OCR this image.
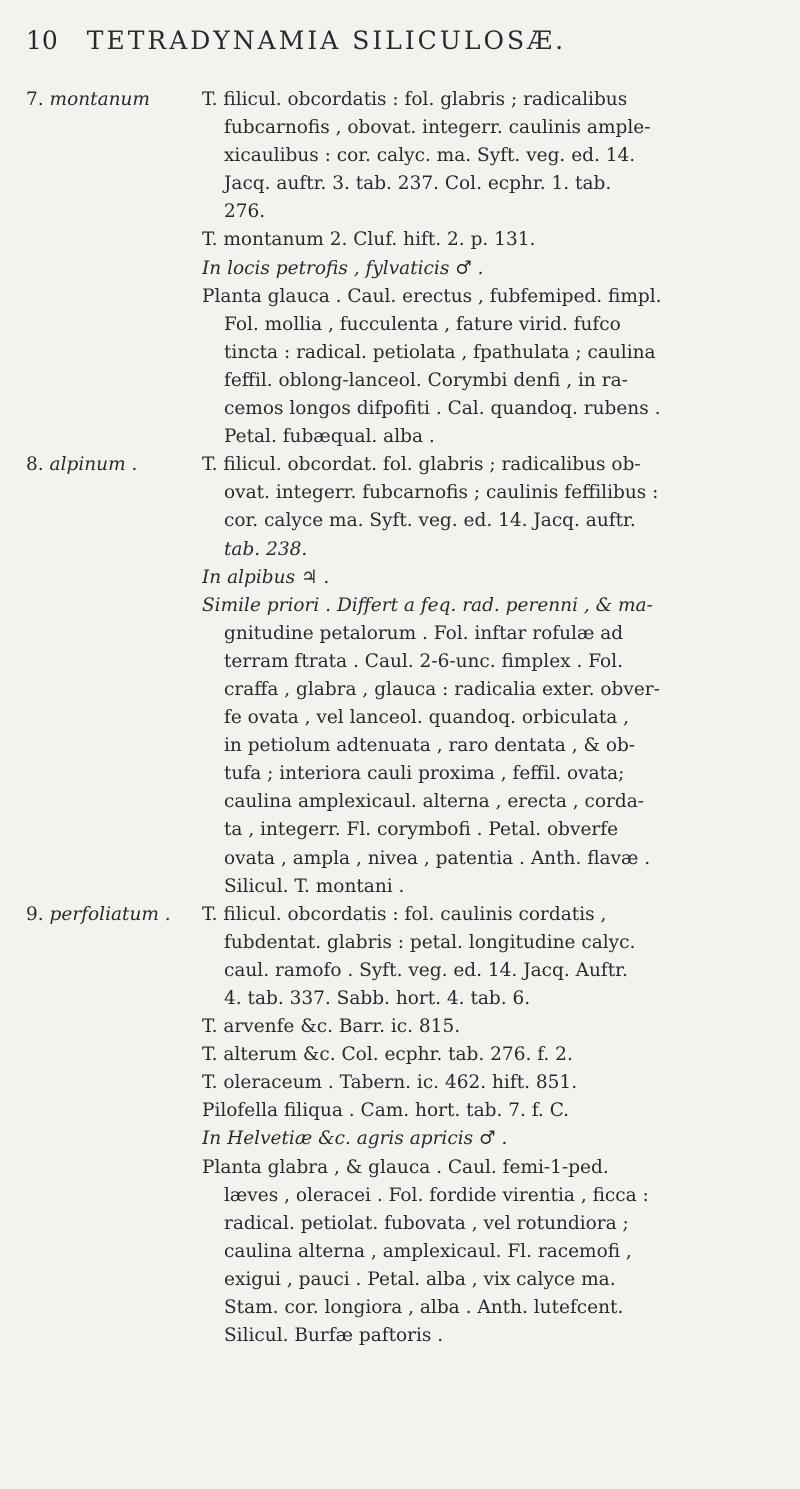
10 TETRADYNAMIA SILICULOSÆ.
7. montanum	T. filicul. obcordatis : fol. glabris ; radicalibus
fubcarnofis , obovat. integerr. caulinis ample-
xicaulibus : cor. calyc. ma. Syft. veg. ed. 14.
Jacq. auftr. 3. tab. 237. Col. ecphr. 1. tab.
276.
T. montanum 2. Cluf. hift. 2. p. 131.
In locis petrofis , fylvaticis ♂ .
Planta glauca . Caul. erectus , fubfemiped. fimpl.
Fol. mollia , fucculenta , fature virid. fufco
tincta : radical. petiolata , fpathulata ; caulina
feffil. oblong-lanceol. Corymbi denfi , in ra-
cemos longos difpofiti . Cal. quandoq. rubens .
Petal. fubæqual. alba .
8. alpinum .	T. filicul. obcordat. fol. glabris ; radicalibus ob-
ovat. integerr. fubcarnofis ; caulinis feffilibus :
cor. calyce ma. Syft. veg. ed. 14. Jacq. auftr.
tab. 238.
In alpibus ♃ .
Simile priori . Differt a feq. rad. perenni , & ma-
gnitudine petalorum . Fol. inftar rofulæ ad
terram ftrata . Caul. 2-6-unc. fimplex . Fol.
craffa , glabra , glauca : radicalia exter. obver-
fe ovata , vel lanceol. quandoq. orbiculata ,
in petiolum adtenuata , raro dentata , & ob-
tufa ; interiora cauli proxima , feffil. ovata;
caulina amplexicaul. alterna , erecta , corda-
ta , integerr. Fl. corymbofi . Petal. obverfe
ovata , ampla , nivea , patentia . Anth. flavæ .
Silicul. T. montani .
9. perfoliatum .	T. filicul. obcordatis : fol. caulinis cordatis ,
fubdentat. glabris : petal. longitudine calyc.
caul. ramofo . Syft. veg. ed. 14. Jacq. Auftr.
4. tab. 337. Sabb. hort. 4. tab. 6.
T. arvenfe &c. Barr. ic. 815.
T. alterum &c. Col. ecphr. tab. 276. f. 2.
T. oleraceum . Tabern. ic. 462. hift. 851.
Pilofella filiqua . Cam. hort. tab. 7. f. C.
In Helvetiæ &c. agris apricis ♂ .
Planta glabra , & glauca . Caul. femi-1-ped.
læves , oleracei . Fol. fordide virentia , ficca :
radical. petiolat. fubovata , vel rotundiora ;
caulina alterna , amplexicaul. Fl. racemofi ,
exigui , pauci . Petal. alba , vix calyce ma.
Stam. cor. longiora , alba . Anth. lutefcent.
Silicul. Burfæ paftoris .
